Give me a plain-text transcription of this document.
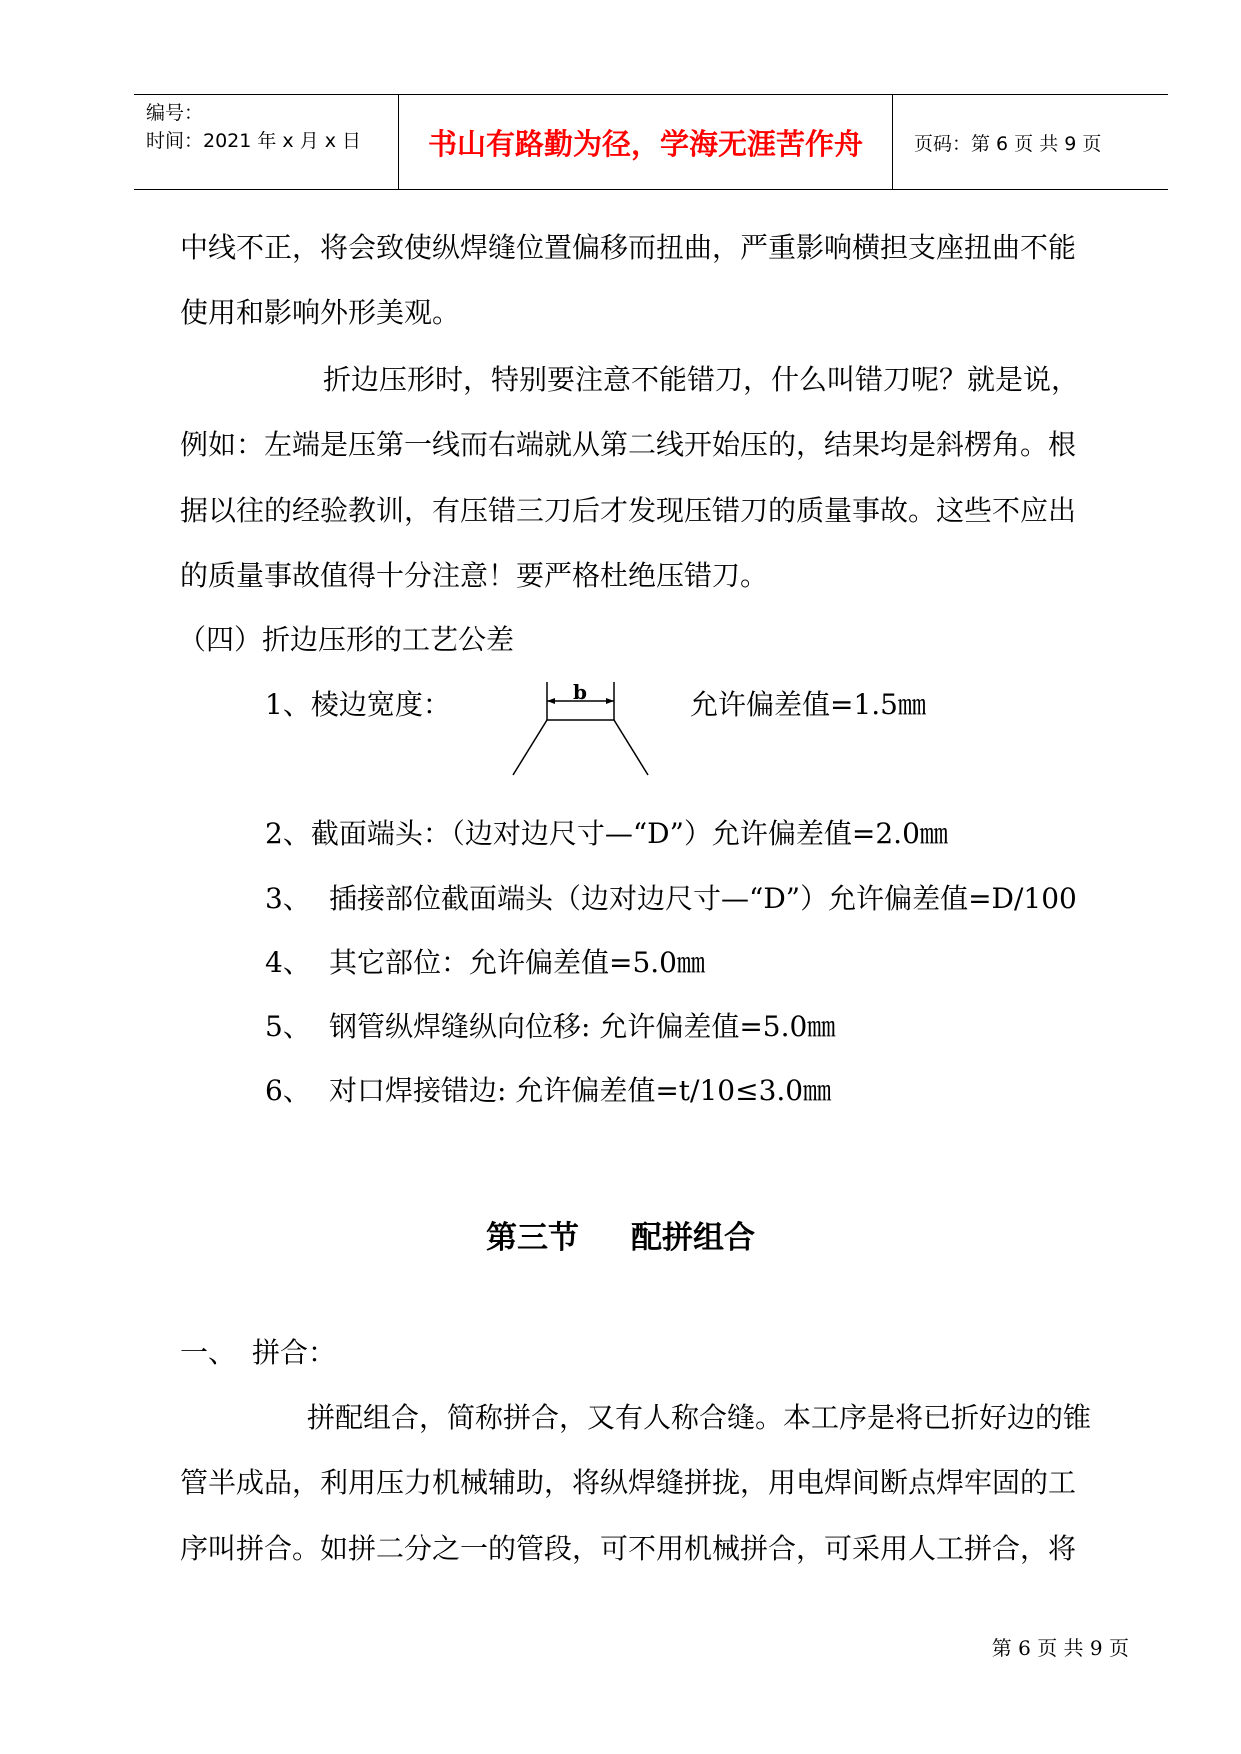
编号：
时间：2021 年 x 月 x 日	书山有路勤为径，学海无涯苦作舟	页码：第 6 页 共 9 页
中线不正，将会致使纵焊缝位置偏移而扭曲，严重影响横担支座扭曲不能
使用和影响外形美观。
折边压形时，特别要注意不能错刀，什么叫错刀呢？就是说，
例如：左端是压第一线而右端就从第二线开始压的，结果均是斜楞角。根
据以往的经验教训，有压错三刀后才发现压错刀的质量事故。这些不应出
的质量事故值得十分注意！要严格杜绝压错刀。
（四）折边压形的工艺公差
1、棱边宽度：	允许偏差值=1.5㎜
b
2、截面端头：（边对边尺寸—“D”）允许偏差值=2.0㎜
3、 插接部位截面端头（边对边尺寸—“D”）允许偏差值=D/100
4、 其它部位：允许偏差值=5.0㎜
5、 钢管纵焊缝纵向位移: 允许偏差值=5.0㎜
6、 对口焊接错边: 允许偏差值=t/10≤3.0㎜
第三节 配拼组合
一、 拼合：
拼配组合，简称拼合，又有人称合缝。本工序是将已折好边的锥
管半成品，利用压力机械辅助，将纵焊缝拼拢，用电焊间断点焊牢固的工
序叫拼合。如拼二分之一的管段，可不用机械拼合，可采用人工拼合，将
第 6 页 共 9 页
